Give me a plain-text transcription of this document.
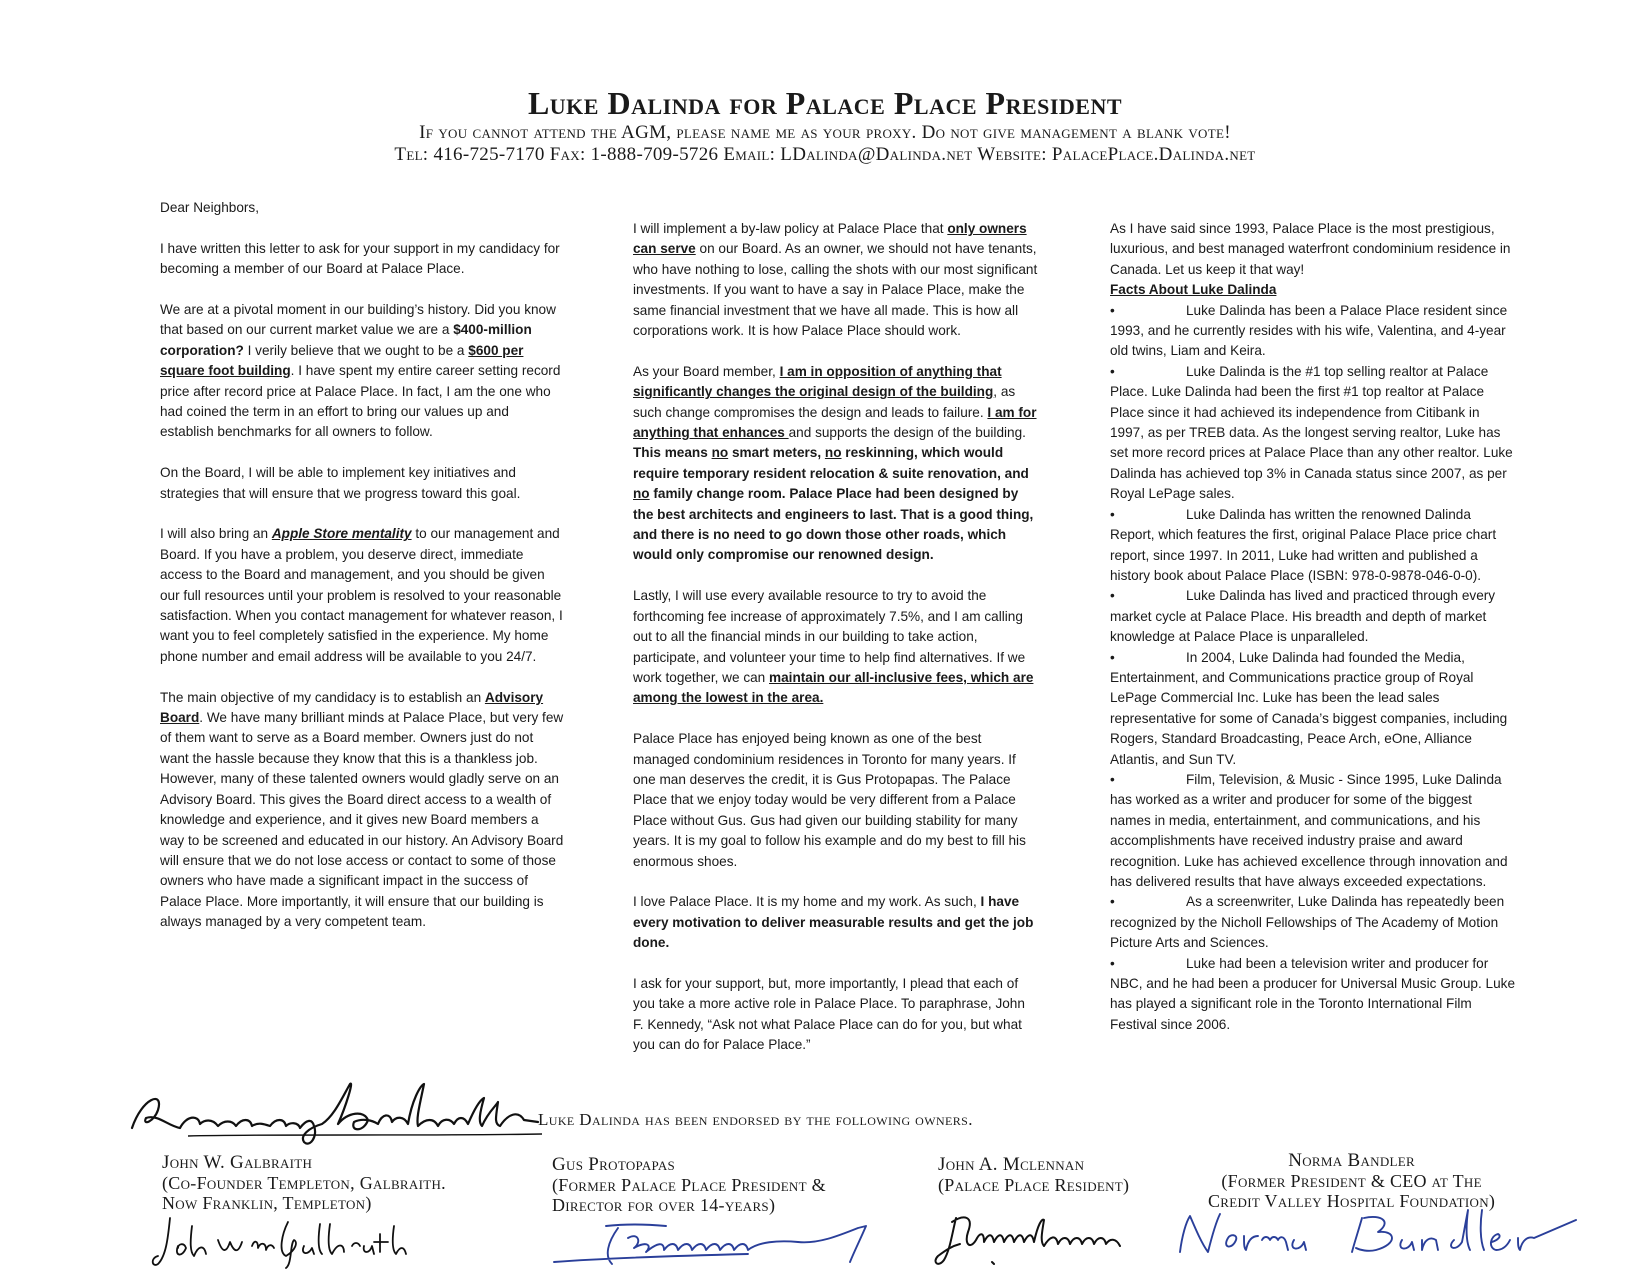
Luke Dalinda for Palace Place President
If you cannot attend the AGM, please name me as your proxy. Do not give management a blank vote!
Tel: 416-725-7170 Fax: 1-888-709-5726 Email: LDalinda@Dalinda.net Website: PalacePlace.Dalinda.net

Dear Neighbors,

I have written this letter to ask for your support in my candidacy for becoming a member of our Board at Palace Place.

We are at a pivotal moment in our building’s history. Did you know that based on our current market value we are a $400-million corporation? I verily believe that we ought to be a $600 per square foot building. I have spent my entire career setting record price after record price at Palace Place. In fact, I am the one who had coined the term in an effort to bring our values up and establish benchmarks for all owners to follow.

On the Board, I will be able to implement key initiatives and strategies that will ensure that we progress toward this goal.

I will also bring an Apple Store mentality to our management and Board. If you have a problem, you deserve direct, immediate access to the Board and management, and you should be given our full resources until your problem is resolved to your reasonable satisfaction. When you contact management for whatever reason, I want you to feel completely satisfied in the experience. My home phone number and email address will be available to you 24/7.

The main objective of my candidacy is to establish an Advisory Board. We have many brilliant minds at Palace Place, but very few of them want to serve as a Board member. Owners just do not want the hassle because they know that this is a thankless job. However, many of these talented owners would gladly serve on an Advisory Board. This gives the Board direct access to a wealth of knowledge and experience, and it gives new Board members a way to be screened and educated in our history. An Advisory Board will ensure that we do not lose access or contact to some of those owners who have made a significant impact in the success of Palace Place. More importantly, it will ensure that our building is always managed by a very competent team.

I will implement a by-law policy at Palace Place that only owners can serve on our Board. As an owner, we should not have tenants, who have nothing to lose, calling the shots with our most significant investments. If you want to have a say in Palace Place, make the same financial investment that we have all made. This is how all corporations work. It is how Palace Place should work.

As your Board member, I am in opposition of anything that significantly changes the original design of the building, as such change compromises the design and leads to failure. I am for anything that enhances and supports the design of the building. This means no smart meters, no reskinning, which would require temporary resident relocation & suite renovation, and no family change room. Palace Place had been designed by the best architects and engineers to last. That is a good thing, and there is no need to go down those other roads, which would only compromise our renowned design.

Lastly, I will use every available resource to try to avoid the forthcoming fee increase of approximately 7.5%, and I am calling out to all the financial minds in our building to take action, participate, and volunteer your time to help find alternatives. If we work together, we can maintain our all-inclusive fees, which are among the lowest in the area.

Palace Place has enjoyed being known as one of the best managed condominium residences in Toronto for many years. If one man deserves the credit, it is Gus Protopapas. The Palace Place that we enjoy today would be very different from a Palace Place without Gus. Gus had given our building stability for many years. It is my goal to follow his example and do my best to fill his enormous shoes.

I love Palace Place. It is my home and my work. As such, I have every motivation to deliver measurable results and get the job done.

I ask for your support, but, more importantly, I plead that each of you take a more active role in Palace Place. To paraphrase, John F. Kennedy, “Ask not what Palace Place can do for you, but what you can do for Palace Place.”

As I have said since 1993, Palace Place is the most prestigious, luxurious, and best managed waterfront condominium residence in Canada. Let us keep it that way!
Facts About Luke Dalinda
•	Luke Dalinda has been a Palace Place resident since 1993, and he currently resides with his wife, Valentina, and 4-year old twins, Liam and Keira.
•	Luke Dalinda is the #1 top selling realtor at Palace Place. Luke Dalinda had been the first #1 top realtor at Palace Place since it had achieved its independence from Citibank in 1997, as per TREB data. As the longest serving realtor, Luke has set more record prices at Palace Place than any other realtor. Luke Dalinda has achieved top 3% in Canada status since 2007, as per Royal LePage sales.
•	Luke Dalinda has written the renowned Dalinda Report, which features the first, original Palace Place price chart report, since 1997. In 2011, Luke had written and published a history book about Palace Place (ISBN: 978-0-9878-046-0-0).
•	Luke Dalinda has lived and practiced through every market cycle at Palace Place. His breadth and depth of market knowledge at Palace Place is unparalleled.
•	In 2004, Luke Dalinda had founded the Media, Entertainment, and Communications practice group of Royal LePage Commercial Inc. Luke has been the lead sales representative for some of Canada’s biggest companies, including Rogers, Standard Broadcasting, Peace Arch, eOne, Alliance Atlantis, and Sun TV.
•	Film, Television, & Music - Since 1995, Luke Dalinda has worked as a writer and producer for some of the biggest names in media, entertainment, and communications, and his accomplishments have received industry praise and award recognition. Luke has achieved excellence through innovation and has delivered results that have always exceeded expectations.
•	As a screenwriter, Luke Dalinda has repeatedly been recognized by the Nicholl Fellowships of The Academy of Motion Picture Arts and Sciences.
•	Luke had been a television writer and producer for NBC, and he had been a producer for Universal Music Group. Luke has played a significant role in the Toronto International Film Festival since 2006.
Luke Dalinda has been endorsed by the following owners.
John W. Galbraith
(Co-Founder Templeton, Galbraith.
Now Franklin, Templeton)
Gus Protopapas
(Former Palace Place President &
Director for over 14-years)
John A. Mclennan
(Palace Place Resident)
Norma Bandler
(Former President & CEO at The
Credit Valley Hospital Foundation)
